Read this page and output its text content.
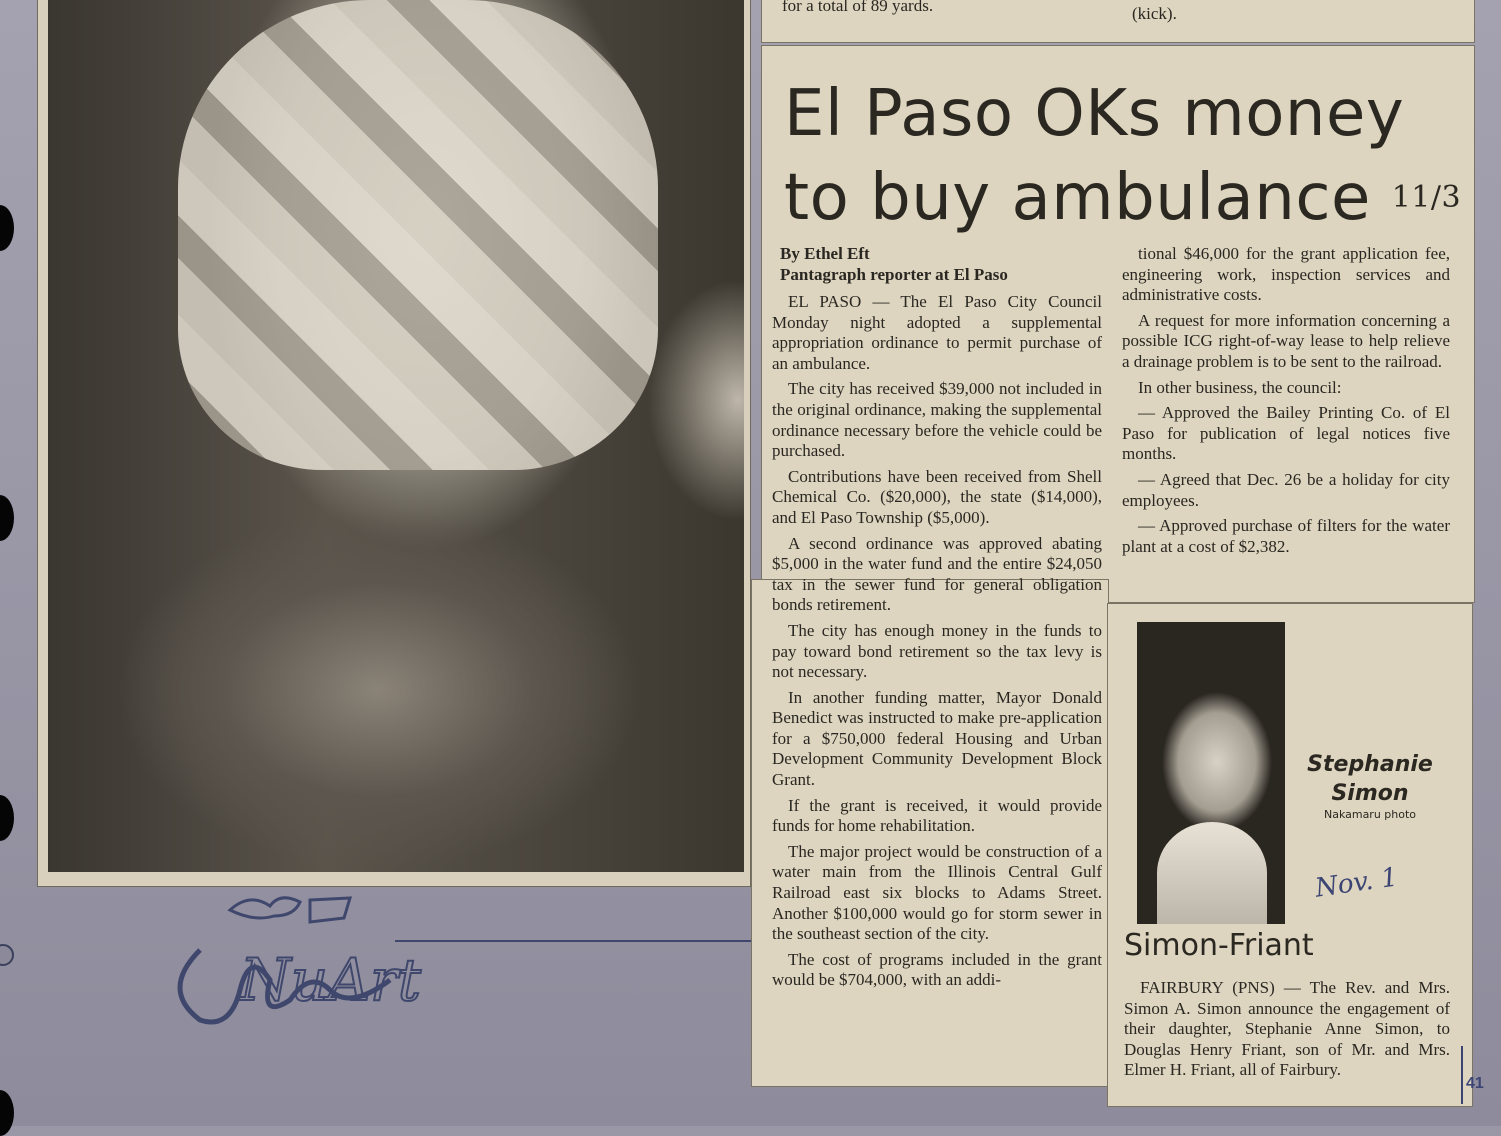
NuArt
for a total of 89 yards.	(kick).
El Paso OKs money
to buy ambulance $^{11/3}$
By Ethel Eft
Pantagraph reporter at El Paso

EL PASO — The El Paso City Council Monday night adopted a supplemental appropriation ordinance to permit purchase of an ambulance.

The city has received $39,000 not included in the original ordinance, making the supplemental ordinance necessary before the vehicle could be purchased.

Contributions have been received from Shell Chemical Co. ($20,000), the state ($14,000), and El Paso Township ($5,000).

A second ordinance was approved abating $5,000 in the water fund and the entire $24,050 tax in the sewer fund for general obligation bonds retirement.

The city has enough money in the funds to pay toward bond retirement so the tax levy is not necessary.

In another funding matter, Mayor Donald Benedict was instructed to make pre-application for a $750,000 federal Housing and Urban Development Community Development Block Grant.

If the grant is received, it would provide funds for home rehabilitation.

The major project would be construction of a water main from the Illinois Central Gulf Railroad east six blocks to Adams Street. Another $100,000 would go for storm sewer in the southeast section of the city.

The cost of programs included in the grant would be $704,000, with an addi-

tional $46,000 for the grant application fee, engineering work, inspection services and administrative costs.

A request for more information concerning a possible ICG right-of-way lease to help relieve a drainage problem is to be sent to the railroad.

In other business, the council:

— Approved the Bailey Printing Co. of El Paso for publication of legal notices five months.

— Agreed that Dec. 26 be a holiday for city employees.

— Approved purchase of filters for the water plant at a cost of $2,382.

Stephanie
Simon
Nakamaru photo
Nov. 1
Simon-Friant

FAIRBURY (PNS) — The Rev. and Mrs. Simon A. Simon announce the engagement of their daughter, Stephanie Anne Simon, to Douglas Henry Friant, son of Mr. and Mrs. Elmer H. Friant, all of Fairbury.

41
